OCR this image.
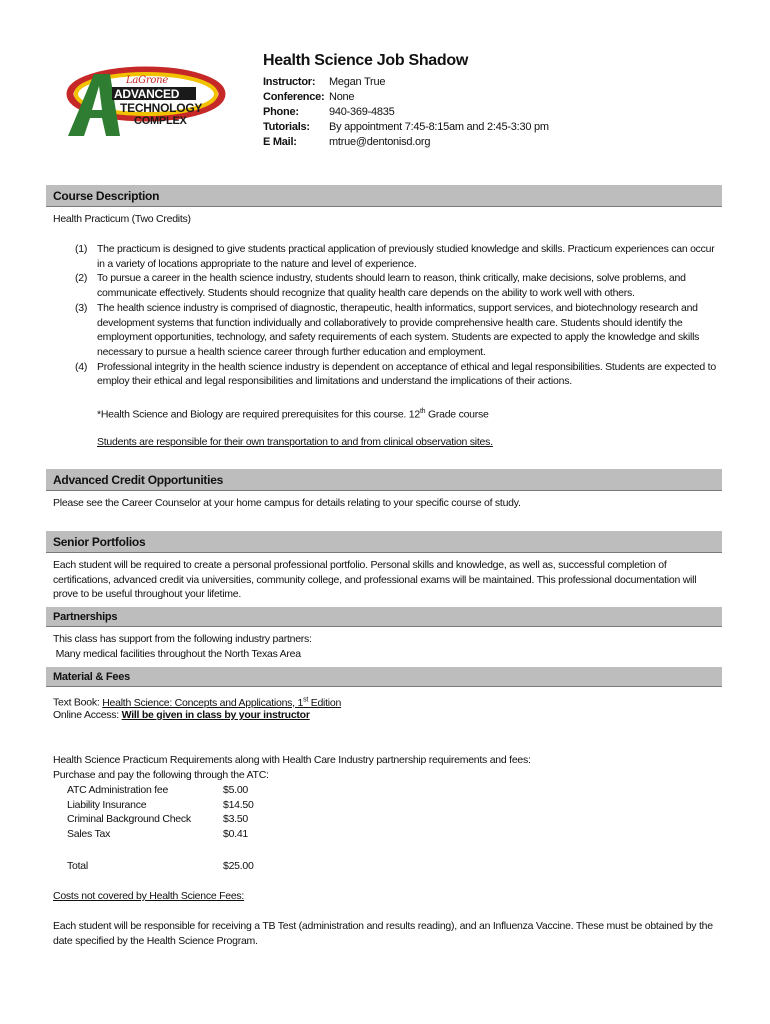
LaGrone
ADVANCED
TECHNOLOGY
COMPLEX
Health Science Job Shadow
Instructor:	Megan True
Conference: None
Phone:	940-369-4835
Tutorials:	By appointment 7:45-8:15am and 2:45-3:30 pm
E Mail:	mtrue@dentonisd.org
Course Description
Health Practicum (Two Credits)
(1) The practicum is designed to give students practical application of previously studied knowledge and skills. Practicum experiences can occur in a variety of locations appropriate to the nature and level of experience.
(2) To pursue a career in the health science industry, students should learn to reason, think critically, make decisions, solve problems, and communicate effectively. Students should recognize that quality health care depends on the ability to work well with others.
(3) The health science industry is comprised of diagnostic, therapeutic, health informatics, support services, and biotechnology research and development systems that function individually and collaboratively to provide comprehensive health care. Students should identify the employment opportunities, technology, and safety requirements of each system. Students are expected to apply the knowledge and skills necessary to pursue a health science career through further education and employment.
(4) Professional integrity in the health science industry is dependent on acceptance of ethical and legal responsibilities. Students are expected to employ their ethical and legal responsibilities and limitations and understand the implications of their actions.
*Health Science and Biology are required prerequisites for this course. 12th Grade course
Students are responsible for their own transportation to and from clinical observation sites.
Advanced Credit Opportunities
Please see the Career Counselor at your home campus for details relating to your specific course of study.
Senior Portfolios
Each student will be required to create a personal professional portfolio. Personal skills and knowledge, as well as, successful completion of certifications, advanced credit via universities, community college, and professional exams will be maintained. This professional documentation will prove to be useful throughout your lifetime.
Partnerships
This class has support from the following industry partners:
Many medical facilities throughout the North Texas Area
Material & Fees
Text Book: Health Science: Concepts and Applications, 1st Edition
Online Access: Will be given in class by your instructor
Health Science Practicum Requirements along with Health Care Industry partnership requirements and fees:
Purchase and pay the following through the ATC:
ATC Administration fee	$5.00
Liability Insurance	$14.50
Criminal Background Check	$3.50
Sales Tax	$0.41
Total	$25.00
Costs not covered by Health Science Fees:
Each student will be responsible for receiving a TB Test (administration and results reading), and an Influenza Vaccine. These must be obtained by the date specified by the Health Science Program.
